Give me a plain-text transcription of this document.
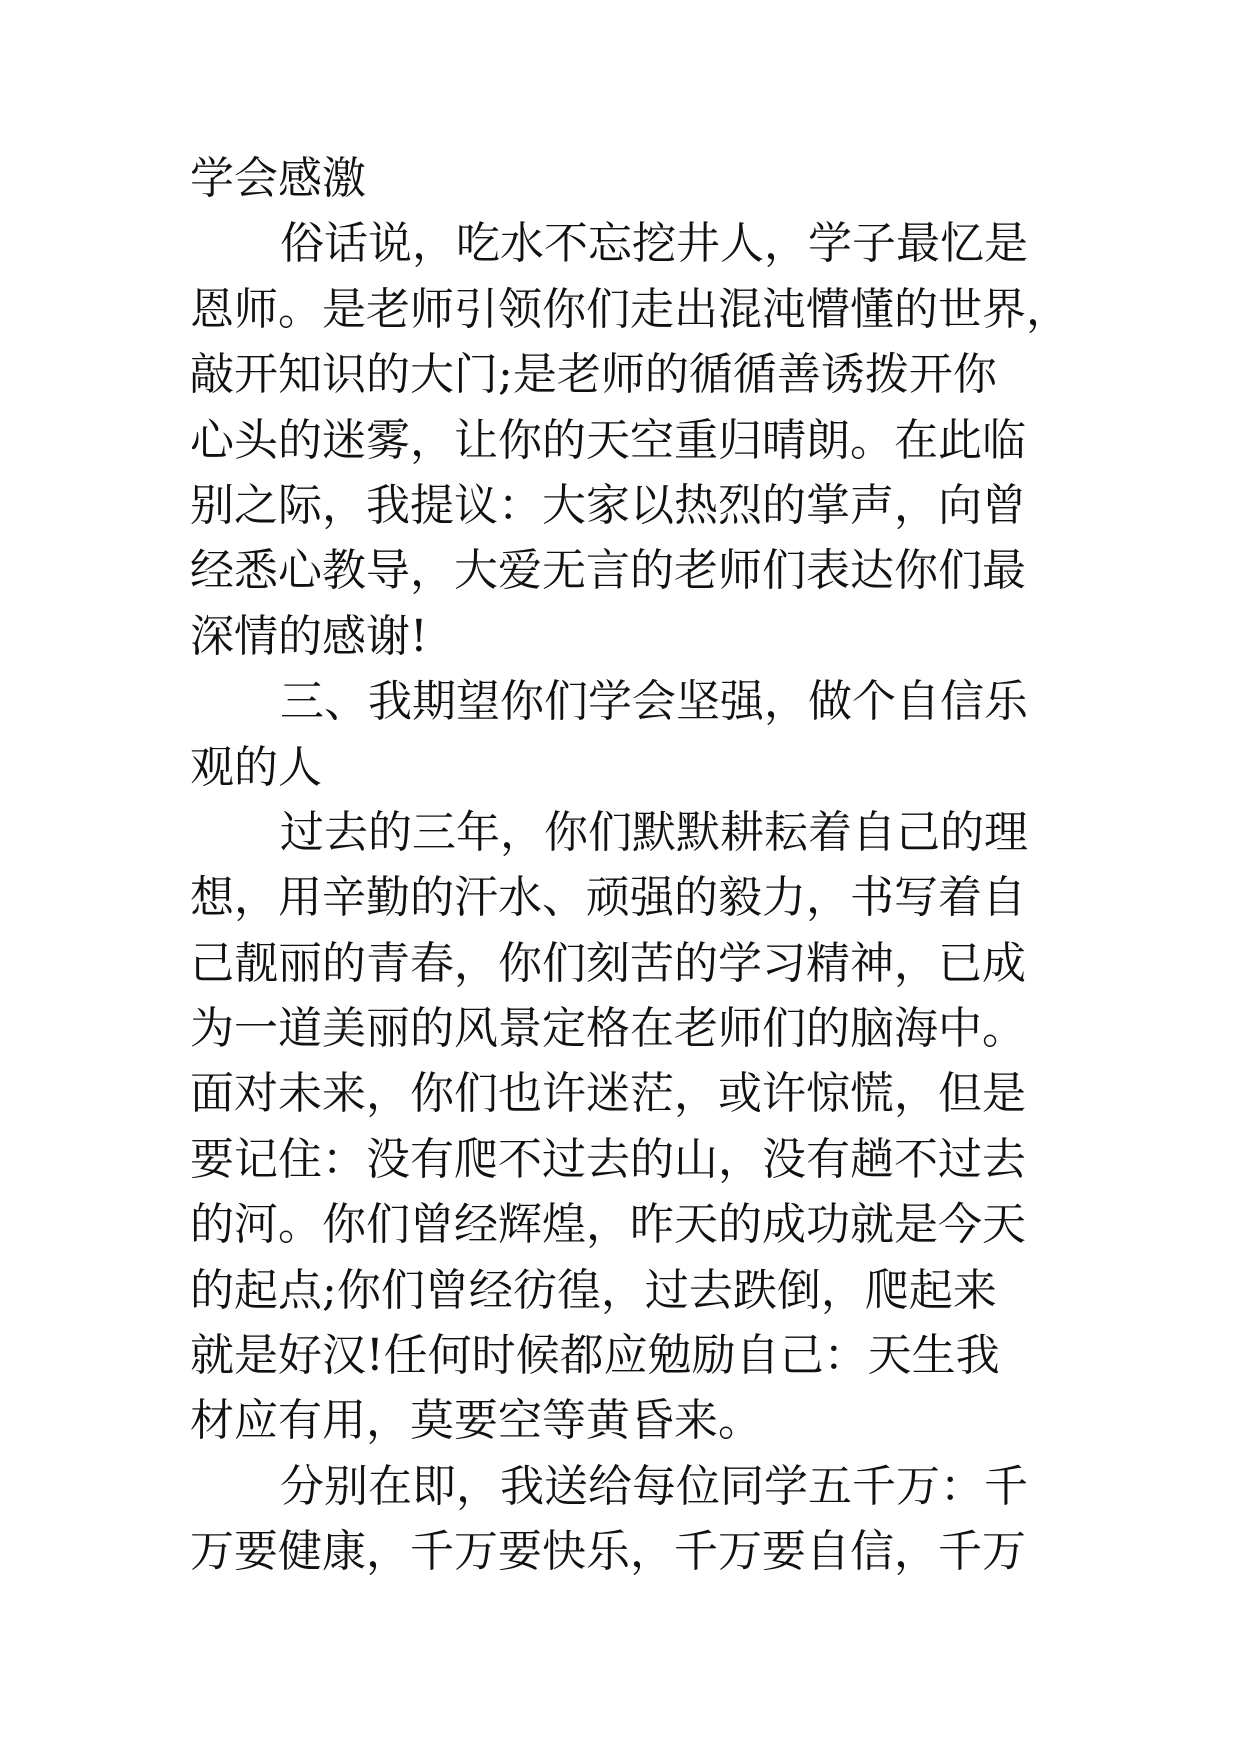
学会感激
俗话说，吃水不忘挖井人，学子最忆是
恩师。是老师引领你们走出混沌懵懂的世界，
敲开知识的大门;是老师的循循善诱拨开你
心头的迷雾，让你的天空重归晴朗。在此临
别之际，我提议：大家以热烈的掌声，向曾
经悉心教导，大爱无言的老师们表达你们最
深情的感谢!
三、我期望你们学会坚强，做个自信乐
观的人
过去的三年，你们默默耕耘着自己的理
想，用辛勤的汗水、顽强的毅力，书写着自
己靓丽的青春，你们刻苦的学习精神，已成
为一道美丽的风景定格在老师们的脑海中。
面对未来，你们也许迷茫，或许惊慌，但是
要记住：没有爬不过去的山，没有趟不过去
的河。你们曾经辉煌，昨天的成功就是今天
的起点;你们曾经彷徨，过去跌倒，爬起来
就是好汉!任何时候都应勉励自己：天生我
材应有用，莫要空等黄昏来。
分别在即，我送给每位同学五千万：千
万要健康，千万要快乐，千万要自信，千万
